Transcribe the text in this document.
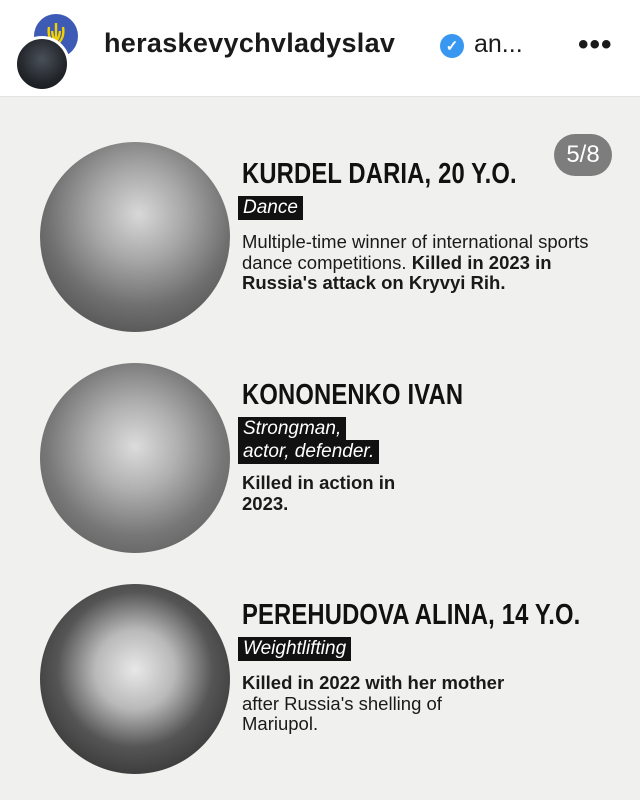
heraskevychvladyslav	✓ an... •••
5/8
KURDEL DARIA, 20 Y.O.
Dance
Multiple-time winner of international sports dance competitions. Killed in 2023 in Russia's attack on Kryvyi Rih.
KONONENKO IVAN
Strongman,
actor, defender.
Killed in action in 2023.
PEREHUDOVA ALINA, 14 Y.O.
Weightlifting
Killed in 2022 with her mother after Russia's shelling of Mariupol.
